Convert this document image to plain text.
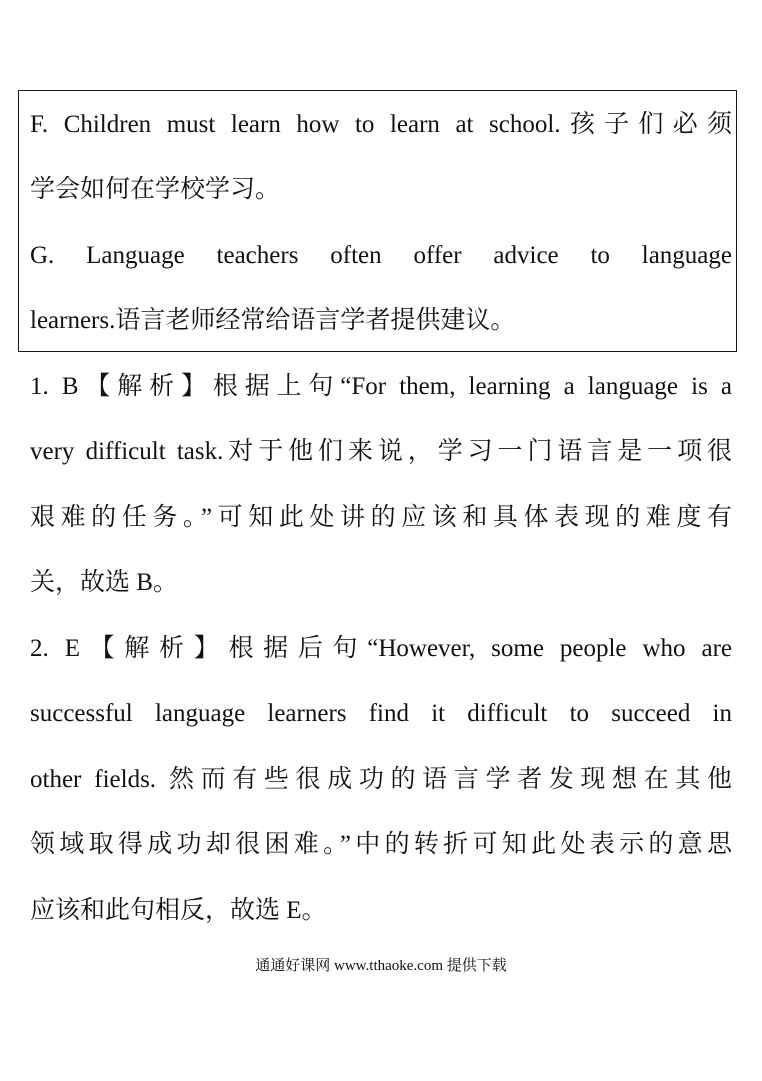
F. Children must learn how to learn at school.孩子们必须
学会如何在学校学习。
G. Language teachers often offer advice to language
learners.语言老师经常给语言学者提供建议。
1. B【解析】根据上句“For them, learning a language is a
very difficult task.对于他们来说，学习一门语言是一项很
艰难的任务。”可知此处讲的应该和具体表现的难度有
关，故选 B。
2. E【解析】根据后句“However, some people who are
successful language learners find it difficult to succeed in
other fields. 然而有些很成功的语言学者发现想在其他
领域取得成功却很困难。”中的转折可知此处表示的意思
应该和此句相反，故选 E。
通通好课网 www.tthaoke.com 提供下载
